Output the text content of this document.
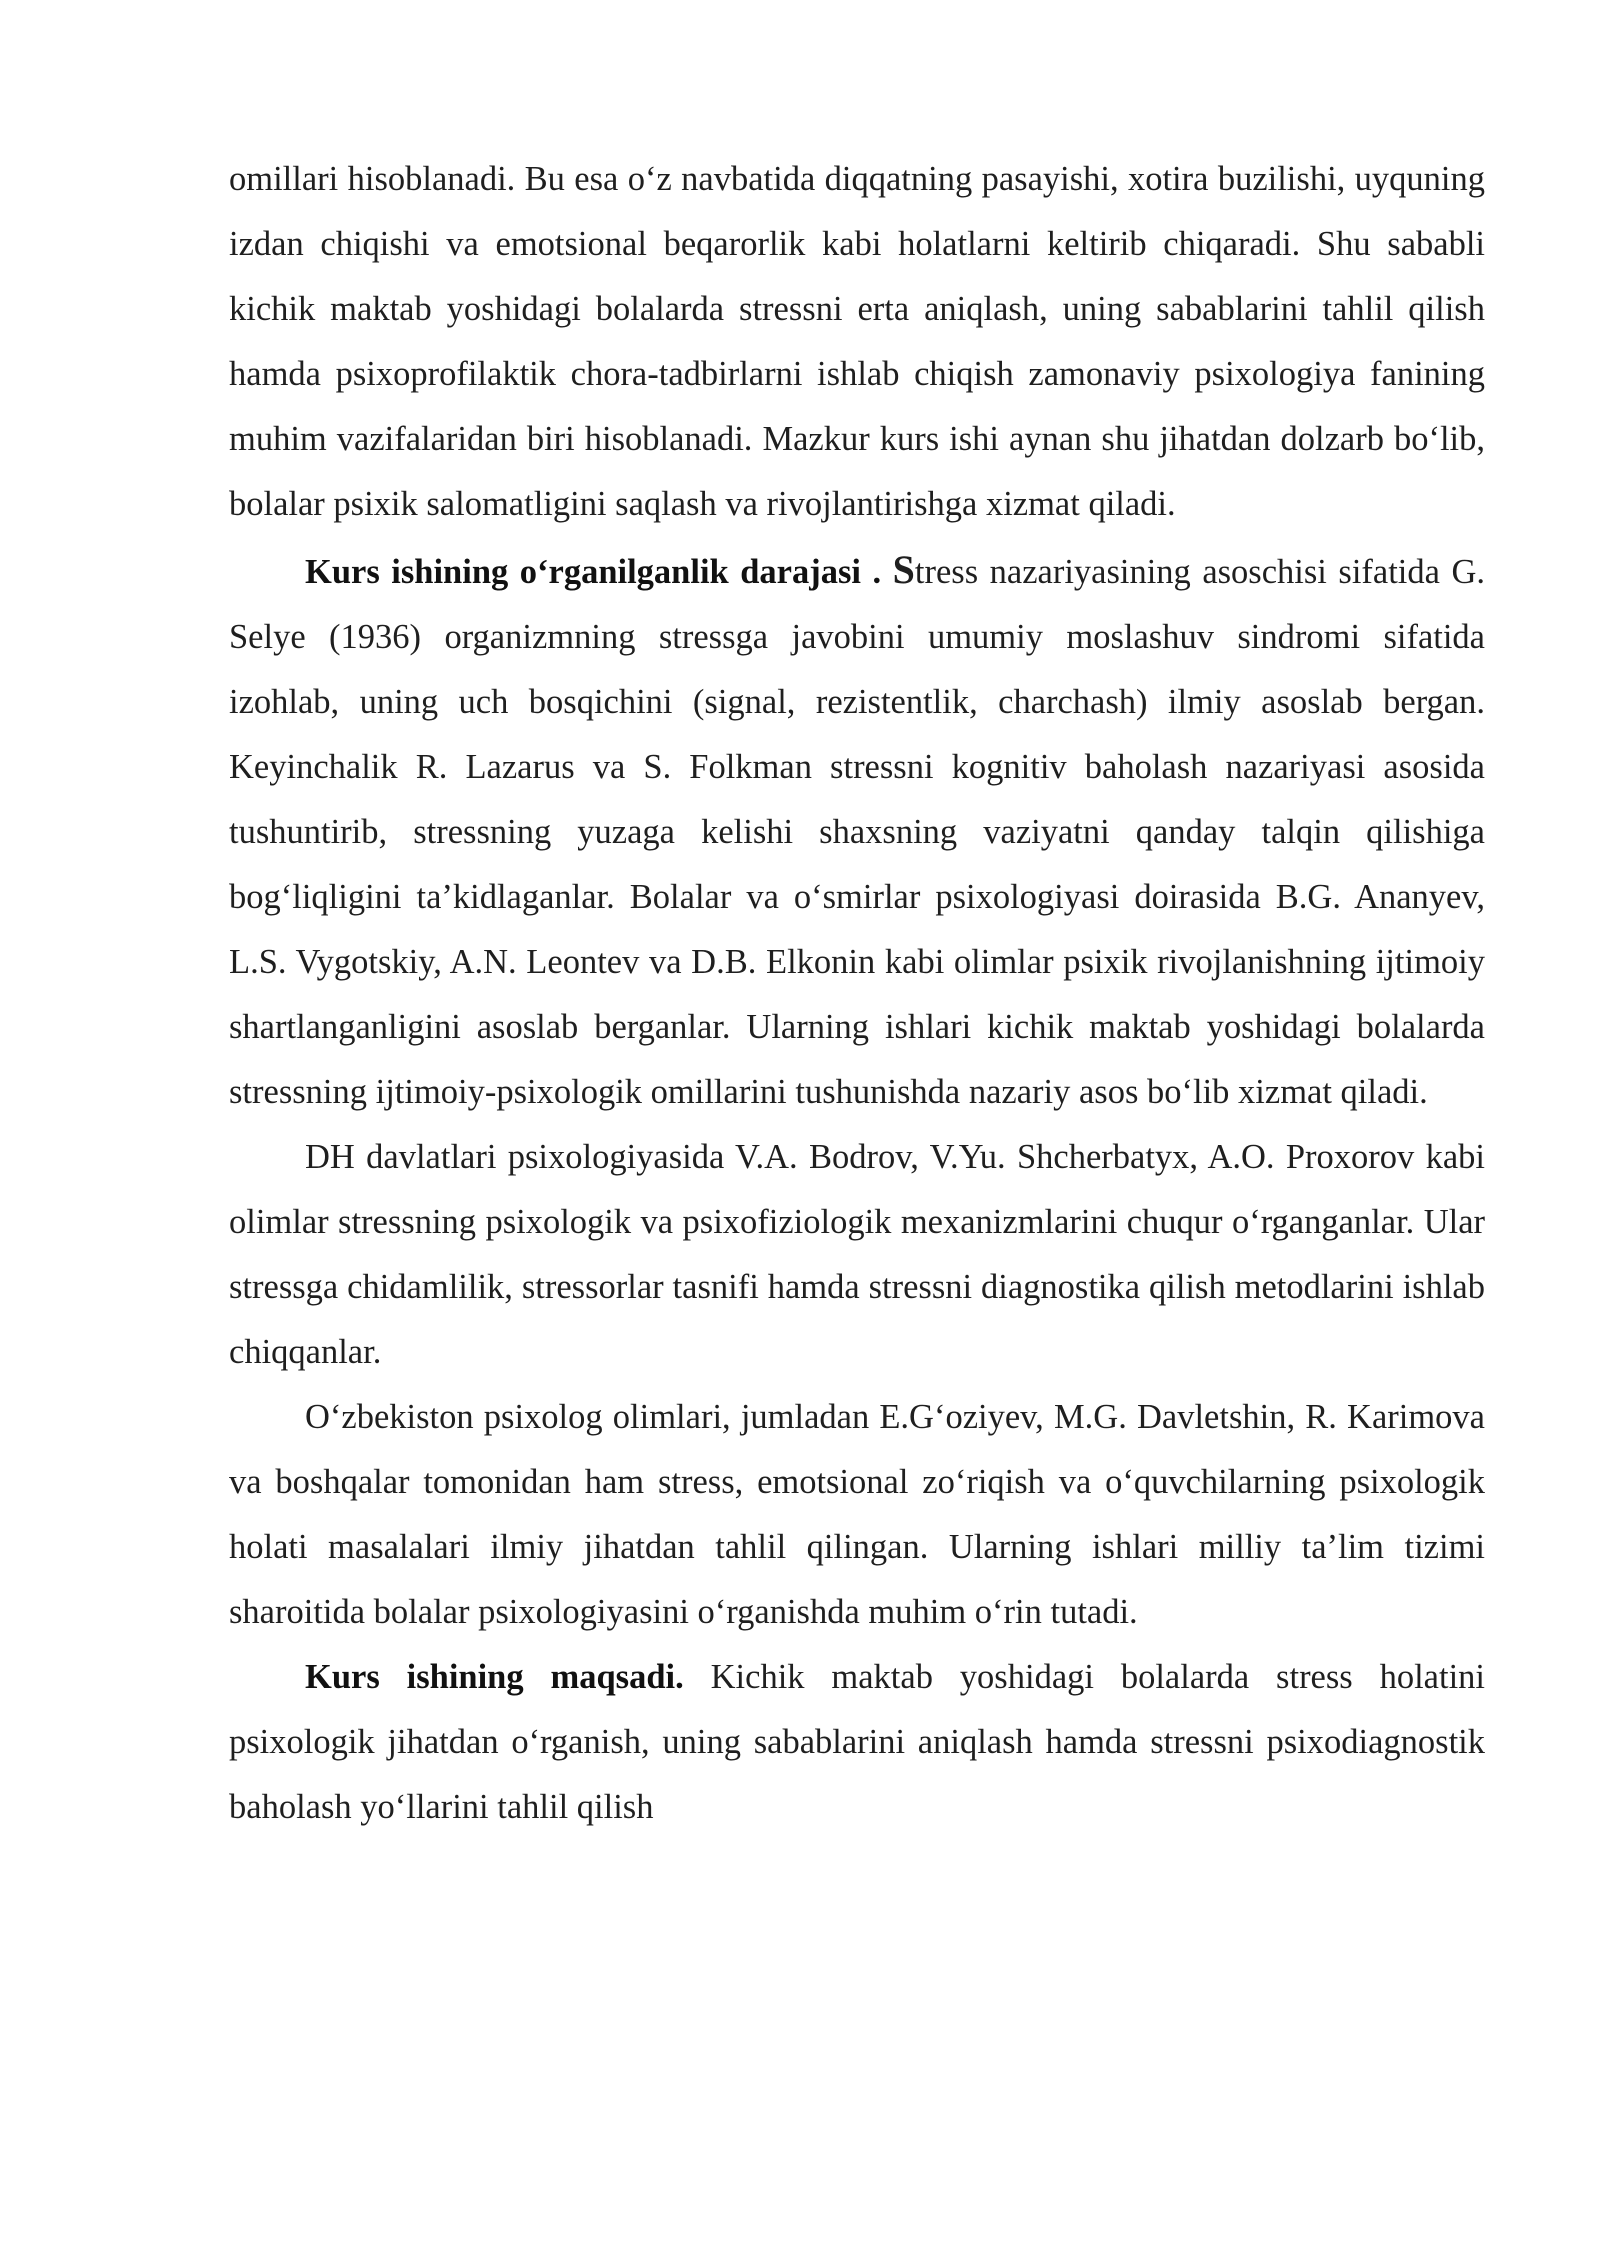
omillari hisoblanadi. Bu esa o‘z navbatida diqqatning pasayishi, xotira buzilishi, uyquning izdan chiqishi va emotsional beqarorlik kabi holatlarni keltirib chiqaradi. Shu sababli kichik maktab yoshidagi bolalarda stressni erta aniqlash, uning sabablarini tahlil qilish hamda psixoprofilaktik chora-tadbirlarni ishlab chiqish zamonaviy psixologiya fanining muhim vazifalaridan biri hisoblanadi. Mazkur kurs ishi aynan shu jihatdan dolzarb bo‘lib, bolalar psixik salomatligini saqlash va rivojlantirishga xizmat qiladi.

Kurs ishining o‘rganilganlik darajasi . Stress nazariyasining asoschisi sifatida G. Selye (1936) organizmning stressga javobini umumiy moslashuv sindromi sifatida izohlab, uning uch bosqichini (signal, rezistentlik, charchash) ilmiy asoslab bergan. Keyinchalik R. Lazarus va S. Folkman stressni kognitiv baholash nazariyasi asosida tushuntirib, stressning yuzaga kelishi shaxsning vaziyatni qanday talqin qilishiga bog‘liqligini ta’kidlaganlar. Bolalar va o‘smirlar psixologiyasi doirasida B.G. Ananyev, L.S. Vygotskiy, A.N. Leontev va D.B. Elkonin kabi olimlar psixik rivojlanishning ijtimoiy shartlanganligini asoslab berganlar. Ularning ishlari kichik maktab yoshidagi bolalarda stressning ijtimoiy-psixologik omillarini tushunishda nazariy asos bo‘lib xizmat qiladi.

DH davlatlari psixologiyasida V.A. Bodrov, V.Yu. Shcherbatyx, A.O. Proxorov kabi olimlar stressning psixologik va psixofiziologik mexanizmlarini chuqur o‘rganganlar. Ular stressga chidamlilik, stressorlar tasnifi hamda stressni diagnostika qilish metodlarini ishlab chiqqanlar.

O‘zbekiston psixolog olimlari, jumladan E.G‘oziyev, M.G. Davletshin, R. Karimova va boshqalar tomonidan ham stress, emotsional zo‘riqish va o‘quvchilarning psixologik holati masalalari ilmiy jihatdan tahlil qilingan. Ularning ishlari milliy ta’lim tizimi sharoitida bolalar psixologiyasini o‘rganishda muhim o‘rin tutadi.

Kurs ishining maqsadi. Kichik maktab yoshidagi bolalarda stress holatini psixologik jihatdan o‘rganish, uning sabablarini aniqlash hamda stressni psixodiagnostik baholash yo‘llarini tahlil qilish
